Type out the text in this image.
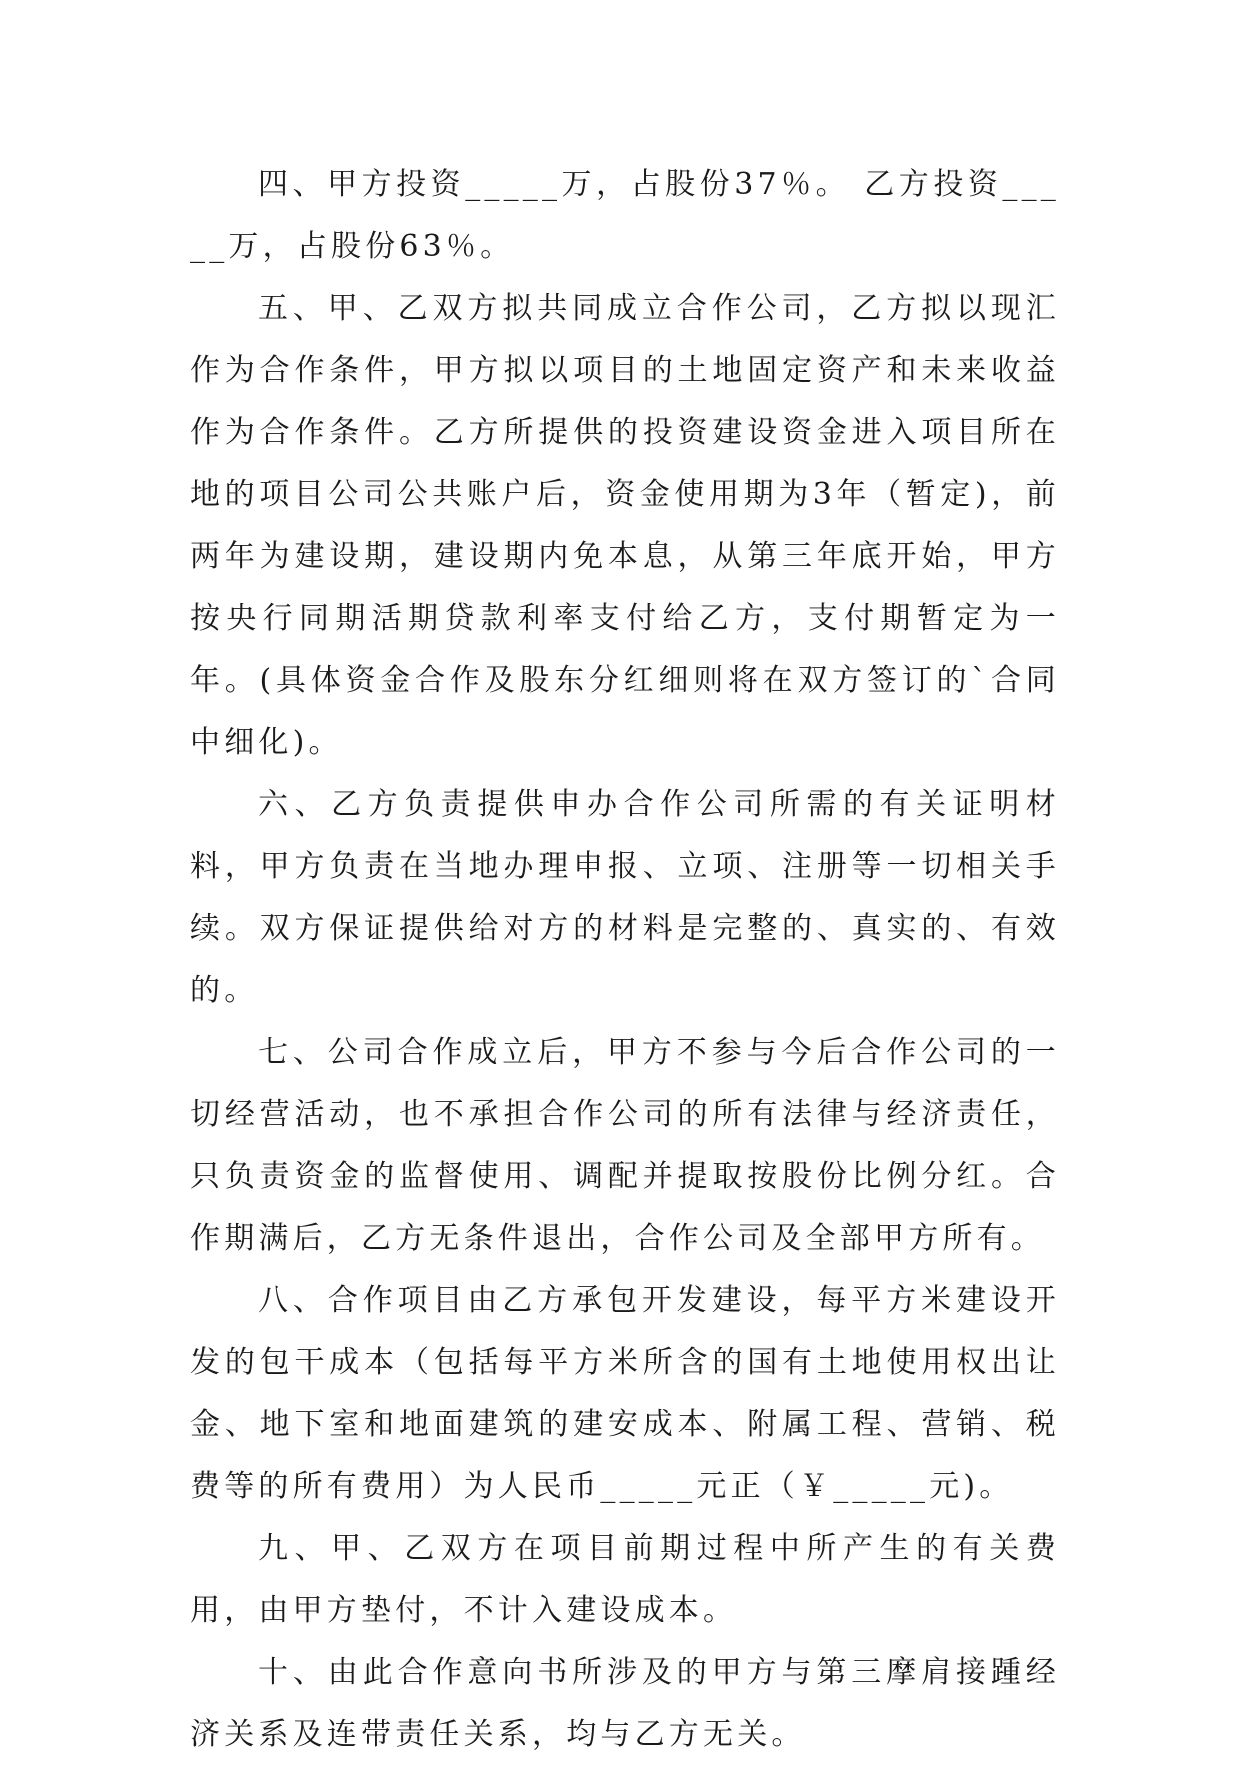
四、甲方投资_____万，占股份37％。 乙方投资_____万，占股份63％。

五、甲、乙双方拟共同成立合作公司，乙方拟以现汇作为合作条件，甲方拟以项目的土地固定资产和未来收益作为合作条件。乙方所提供的投资建设资金进入项目所在地的项目公司公共账户后，资金使用期为3年（暂定)，前两年为建设期，建设期内免本息，从第三年底开始，甲方按央行同期活期贷款利率支付给乙方，支付期暂定为一年。(具体资金合作及股东分红细则将在双方签订的`合同中细化)。

六、乙方负责提供申办合作公司所需的有关证明材料，甲方负责在当地办理申报、立项、注册等一切相关手续。双方保证提供给对方的材料是完整的、真实的、有效的。

七、公司合作成立后，甲方不参与今后合作公司的一切经营活动，也不承担合作公司的所有法律与经济责任，只负责资金的监督使用、调配并提取按股份比例分红。合作期满后，乙方无条件退出，合作公司及全部甲方所有。

八、合作项目由乙方承包开发建设，每平方米建设开发的包干成本（包括每平方米所含的国有土地使用权出让金、地下室和地面建筑的建安成本、附属工程、营销、税费等的所有费用）为人民币_____元正（￥_____元)。

九、甲、乙双方在项目前期过程中所产生的有关费用，由甲方垫付，不计入建设成本。

十、由此合作意向书所涉及的甲方与第三摩肩接踵经济关系及连带责任关系，均与乙方无关。
